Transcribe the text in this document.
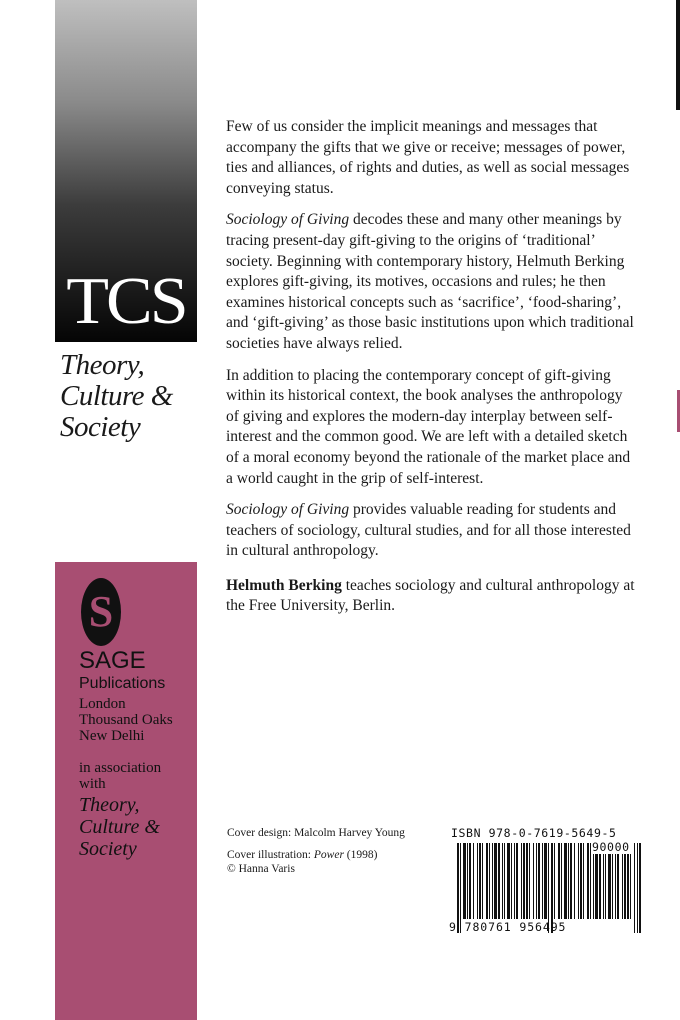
TCS
Theory,
Culture &
Society
S
SAGE
Publications
London
Thousand Oaks
New Delhi
in association with
Theory,
Culture &
Society

Few of us consider the implicit meanings and messages that accompany the gifts that we give or receive; messages of power, ties and alliances, of rights and duties, as well as social messages conveying status.

Sociology of Giving decodes these and many other meanings by tracing present-day gift-giving to the origins of ‘traditional’ society. Beginning with contemporary history, Helmuth Berking explores gift-giving, its motives, occasions and rules; he then examines historical concepts such as ‘sacrifice’, ‘food-sharing’, and ‘gift-giving’ as those basic institutions upon which traditional societies have always relied.

In addition to placing the contemporary concept of gift-giving within its historical context, the book analyses the anthropology of giving and explores the modern-day interplay between self-interest and the common good. We are left with a detailed sketch of a moral economy beyond the rationale of the market place and a world caught in the grip of self-interest.

Sociology of Giving provides valuable reading for students and teachers of sociology, cultural studies, and for all those interested in cultural anthropology.

Helmuth Berking teaches sociology and cultural anthropology at the Free University, Berlin.

Cover design: Malcolm Harvey Young

Cover illustration: Power (1998)
© Hanna Varis

ISBN 978-0-7619-5649-5
90000
9 780761 956495
